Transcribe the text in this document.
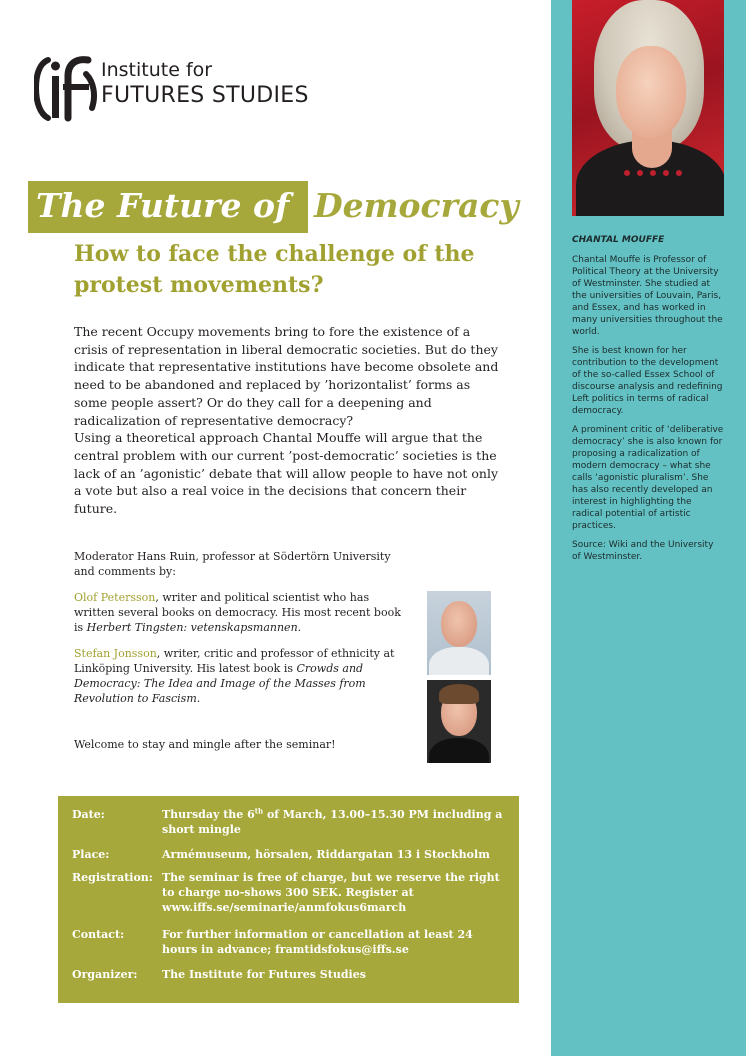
CHANTAL MOUFFE

Chantal Mouffe is Professor of Political Theory at the University of Westminster. She studied at the universities of Louvain, Paris, and Essex, and has worked in many universities throughout the world.

She is best known for her contribution to the development of the so-called Essex School of discourse analysis and redefining Left politics in terms of radical democracy.

A prominent critic of ‘deliberative democracy’ she is also known for proposing a radicalization of modern democracy – what she calls ‘agonistic pluralism’. She has also recently developed an interest in highlighting the radical potential of artistic practices.

Source: Wiki and the University of Westminster.

Institute for
FUTURES STUDIES
The Future of Democracy
How to face the challenge of the protest movements?

The recent Occupy movements bring to fore the existence of a crisis of representation in liberal democratic societies. But do they indicate that representative institutions have become obsolete and need to be abandoned and replaced by ’horizontalist’ forms as some people assert? Or do they call for a deepening and radicalization of representative democracy?

Using a theoretical approach Chantal Mouffe will argue that the central problem with our current ’post-democratic’ societies is the lack of an ’agonistic’ debate that will allow people to have not only a vote but also a real voice in the decisions that concern their future.

Moderator Hans Ruin, professor at Södertörn University and comments by:
Olof Petersson, writer and political scientist who has written several books on democracy. His most recent book is Herbert Tingsten: vetenskapsmannen.
Stefan Jonsson, writer, critic and professor of ethnicity at Linköping University. His latest book is Crowds and Democracy: The Idea and Image of the Masses from Revolution to Fascism.
Welcome to stay and mingle after the seminar!
Date:	Thursday the 6th of March, 13.00–15.30 PM including a short mingle
Place:	Armémuseum, hörsalen, Riddargatan 13 i Stockholm
Registration: The seminar is free of charge, but we reserve the right to charge no-shows 300 SEK. Register at www.iffs.se/seminarie/anmfokus6march
Contact:	For further information or cancellation at least 24 hours in advance; framtidsfokus@iffs.se
Organizer:	The Institute for Futures Studies
